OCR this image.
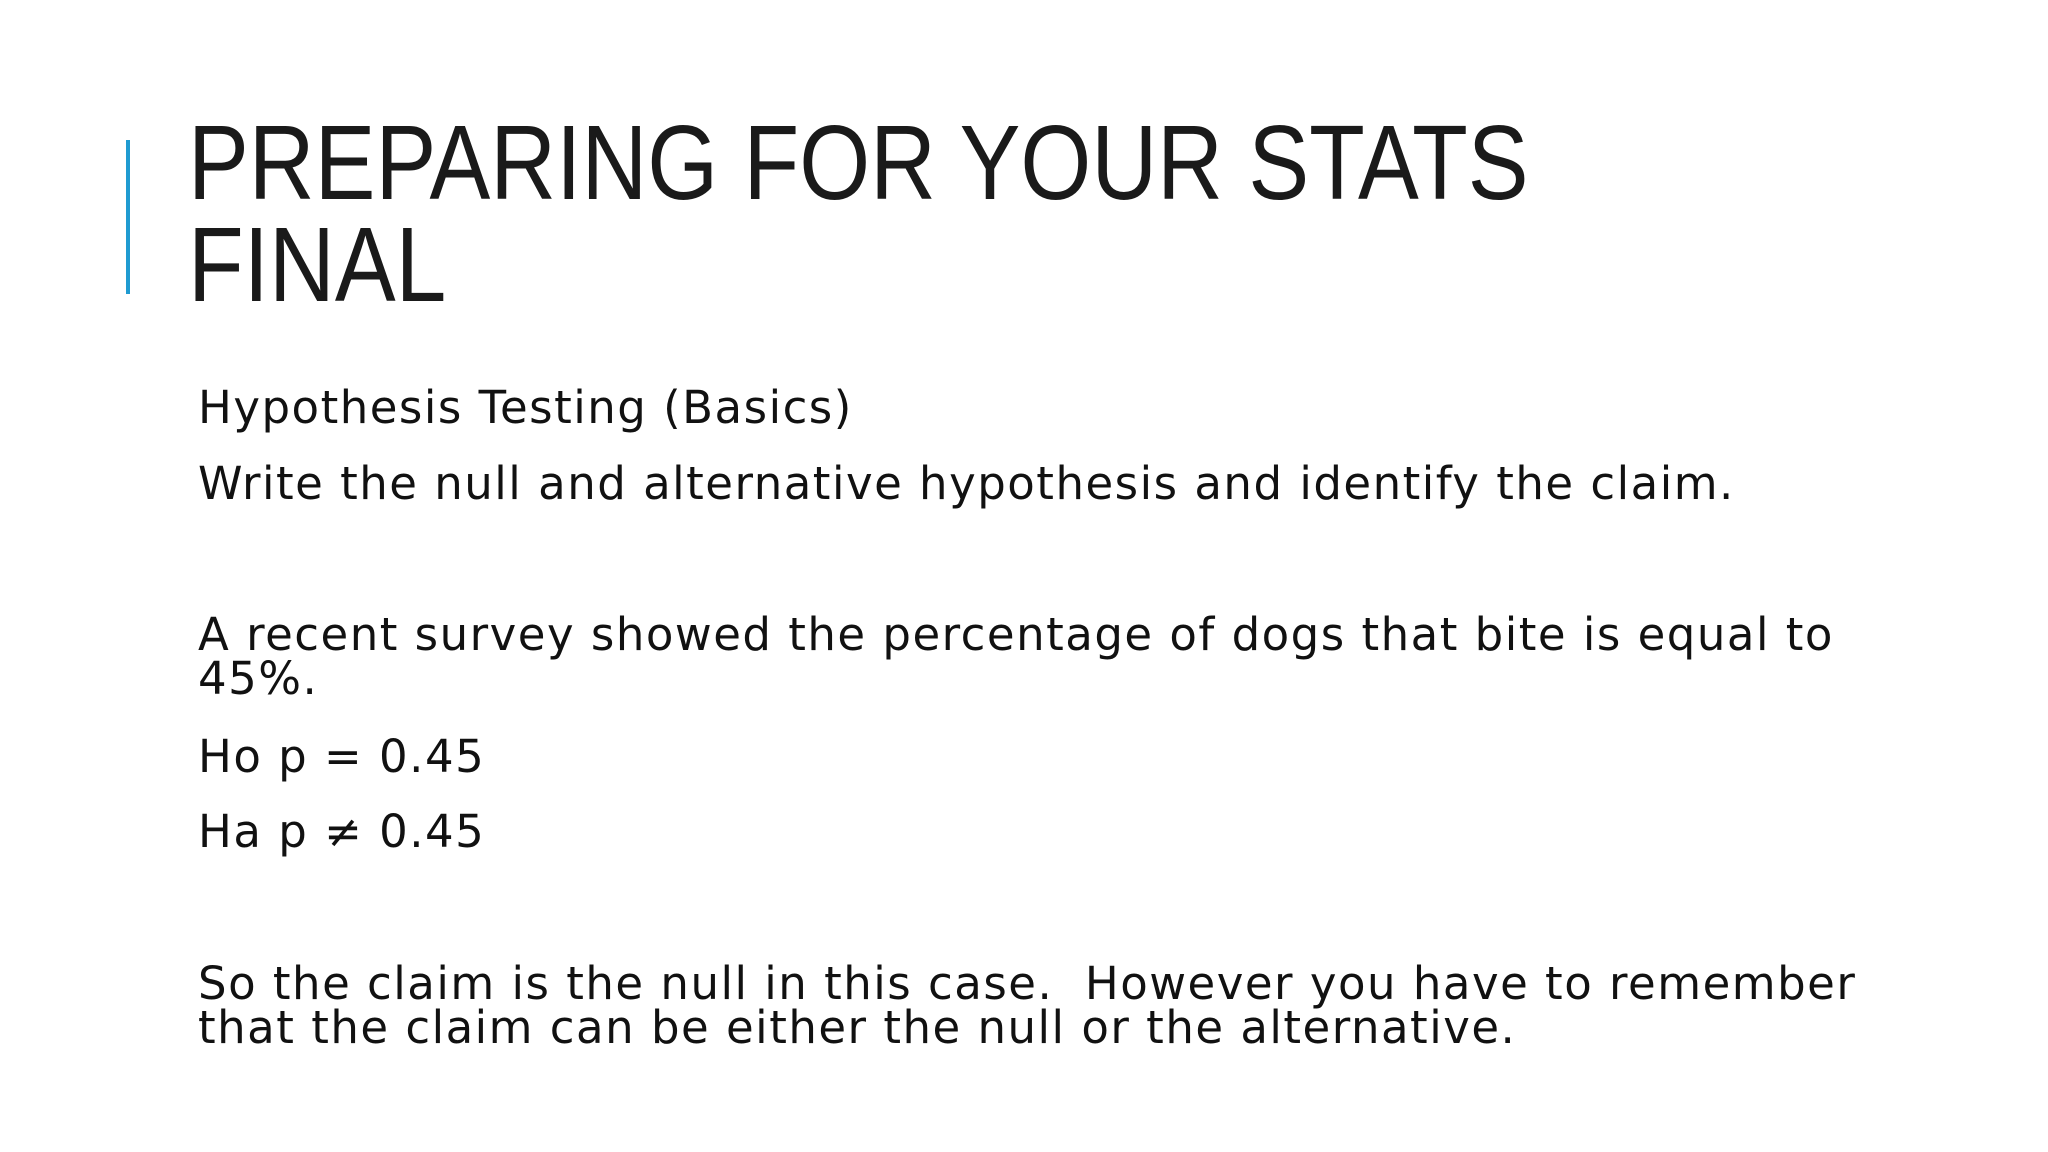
PREPARING FOR YOUR STATS
FINAL

Hypothesis Testing (Basics)

Write the null and alternative hypothesis and identify the claim.

A recent survey showed the percentage of dogs that bite is equal to
45%.

Ho p = 0.45

Ha p ≠ 0.45

So the claim is the null in this case.  However you have to remember
that the claim can be either the null or the alternative.
